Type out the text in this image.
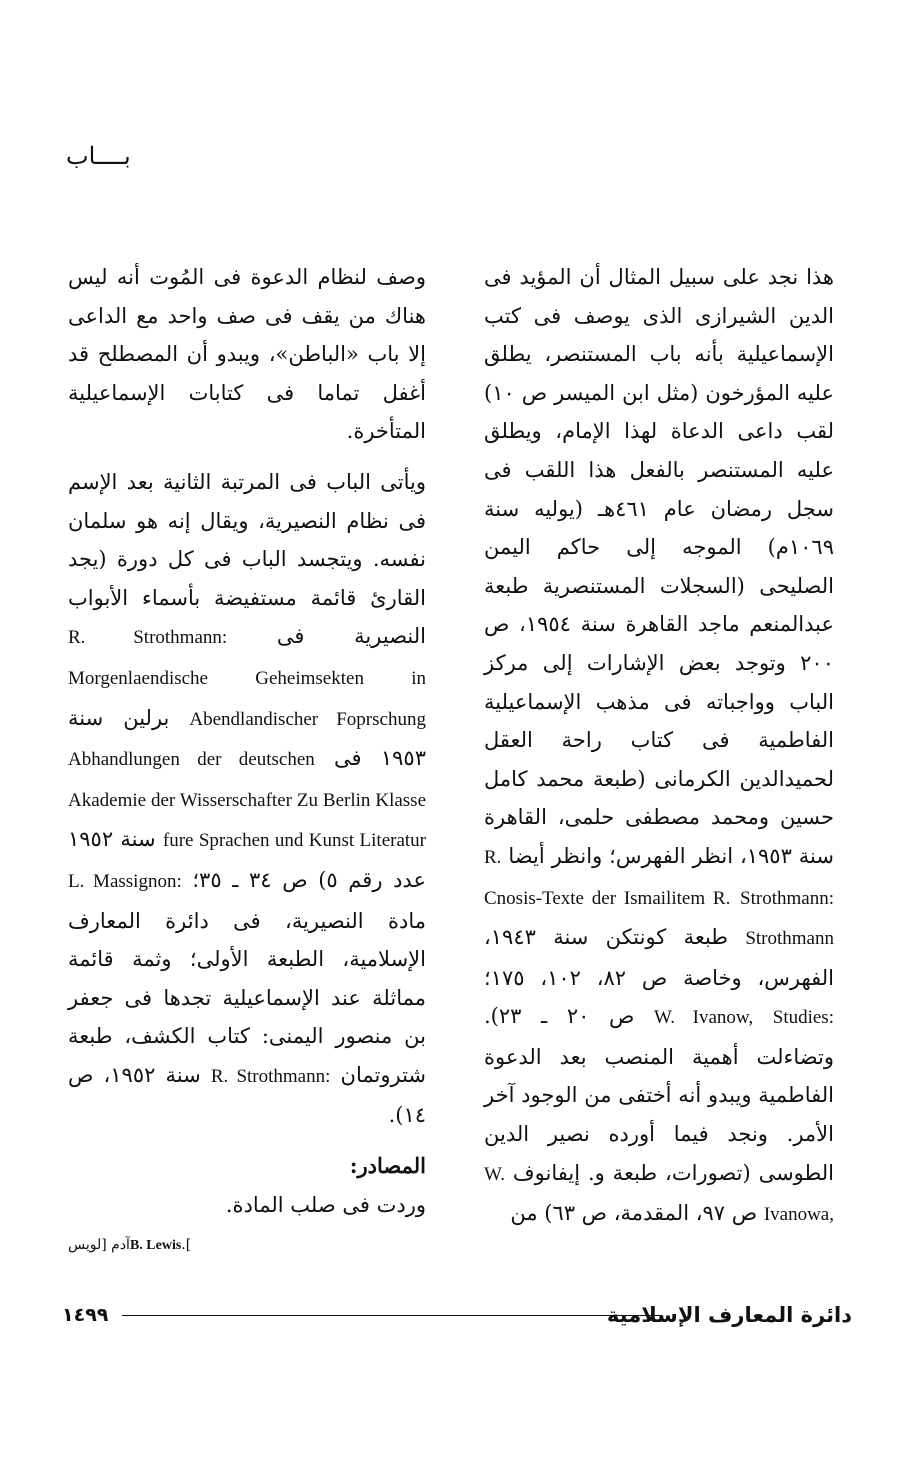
بــــاب

هذا نجد على سبيل المثال أن المؤيد فى الدين الشيرازى الذى يوصف فى كتب الإسماعيلية بأنه باب المستنصر، يطلق عليه المؤرخون (مثل ابن الميسر ص ١٠) لقب داعى الدعاة لهذا الإمام، ويطلق عليه المستنصر بالفعل هذا اللقب فى سجل رمضان عام ٤٦١هـ (يوليه سنة ١٠٦٩م) الموجه إلى حاكم اليمن الصليحى (السجلات المستنصرية طبعة عبدالمنعم ماجد القاهرة سنة ١٩٥٤، ص ٢٠٠ وتوجد بعض الإشارات إلى مركز الباب وواجباته فى مذهب الإسماعيلية الفاطمية فى كتاب راحة العقل لحميدالدين الكرمانى (طبعة محمد كامل حسين ومحمد مصطفى حلمى، القاهرة سنة ١٩٥٣، انظر الفهرس؛ وانظر أيضا R. Strothmann: Cnosis-Texte der Ismailitem R. Strothmann طبعة كونتكن سنة ١٩٤٣، الفهرس، وخاصة ص ٨٢، ١٠٢، ١٧٥؛ Studies: W. Ivanow, ص ٢٠ ـ ٢٣). وتضاءلت أهمية المنصب بعد الدعوة الفاطمية ويبدو أنه أختفى من الوجود آخر الأمر. ونجد فيما أورده نصير الدين الطوسى (تصورات، طبعة و. إيفانوف W. Ivanowa, ص ٩٧، المقدمة، ص ٦٣) من

وصف لنظام الدعوة فى المُوت أنه ليس هناك من يقف فى صف واحد مع الداعى إلا باب «الباطن»، ويبدو أن المصطلح قد أغفل تماما فى كتابات الإسماعيلية المتأخرة.

ويأتى الباب فى المرتبة الثانية بعد الإسم فى نظام النصيرية، ويقال إنه هو سلمان نفسه. ويتجسد الباب فى كل دورة (يجد القارئ قائمة مستفيضة بأسماء الأبواب النصيرية فى R. Strothmann: Morgenlaendische Geheimsekten in Abendlandischer Foprschung برلين سنة ١٩٥٣ فى Abhandlungen der deutschen Akademie der Wisserschafter Zu Berlin Klasse fure Sprachen und Kunst Literatur سنة ١٩٥٢ عدد رقم ٥) ص ٣٤ ـ ٣٥؛ L. Massignon: مادة النصيرية، فى دائرة المعارف الإسلامية، الطبعة الأولى؛ وثمة قائمة مماثلة عند الإسماعيلية تجدها فى جعفر بن منصور اليمنى: كتاب الكشف، طبعة شتروتمان R. Strothmann: سنة ١٩٥٢، ص ١٤).

المصادر:

وردت فى صلب المادة.

].B. Lewisآدم [لويس

دائرة المعارف الإسلامية
١٤٩٩
